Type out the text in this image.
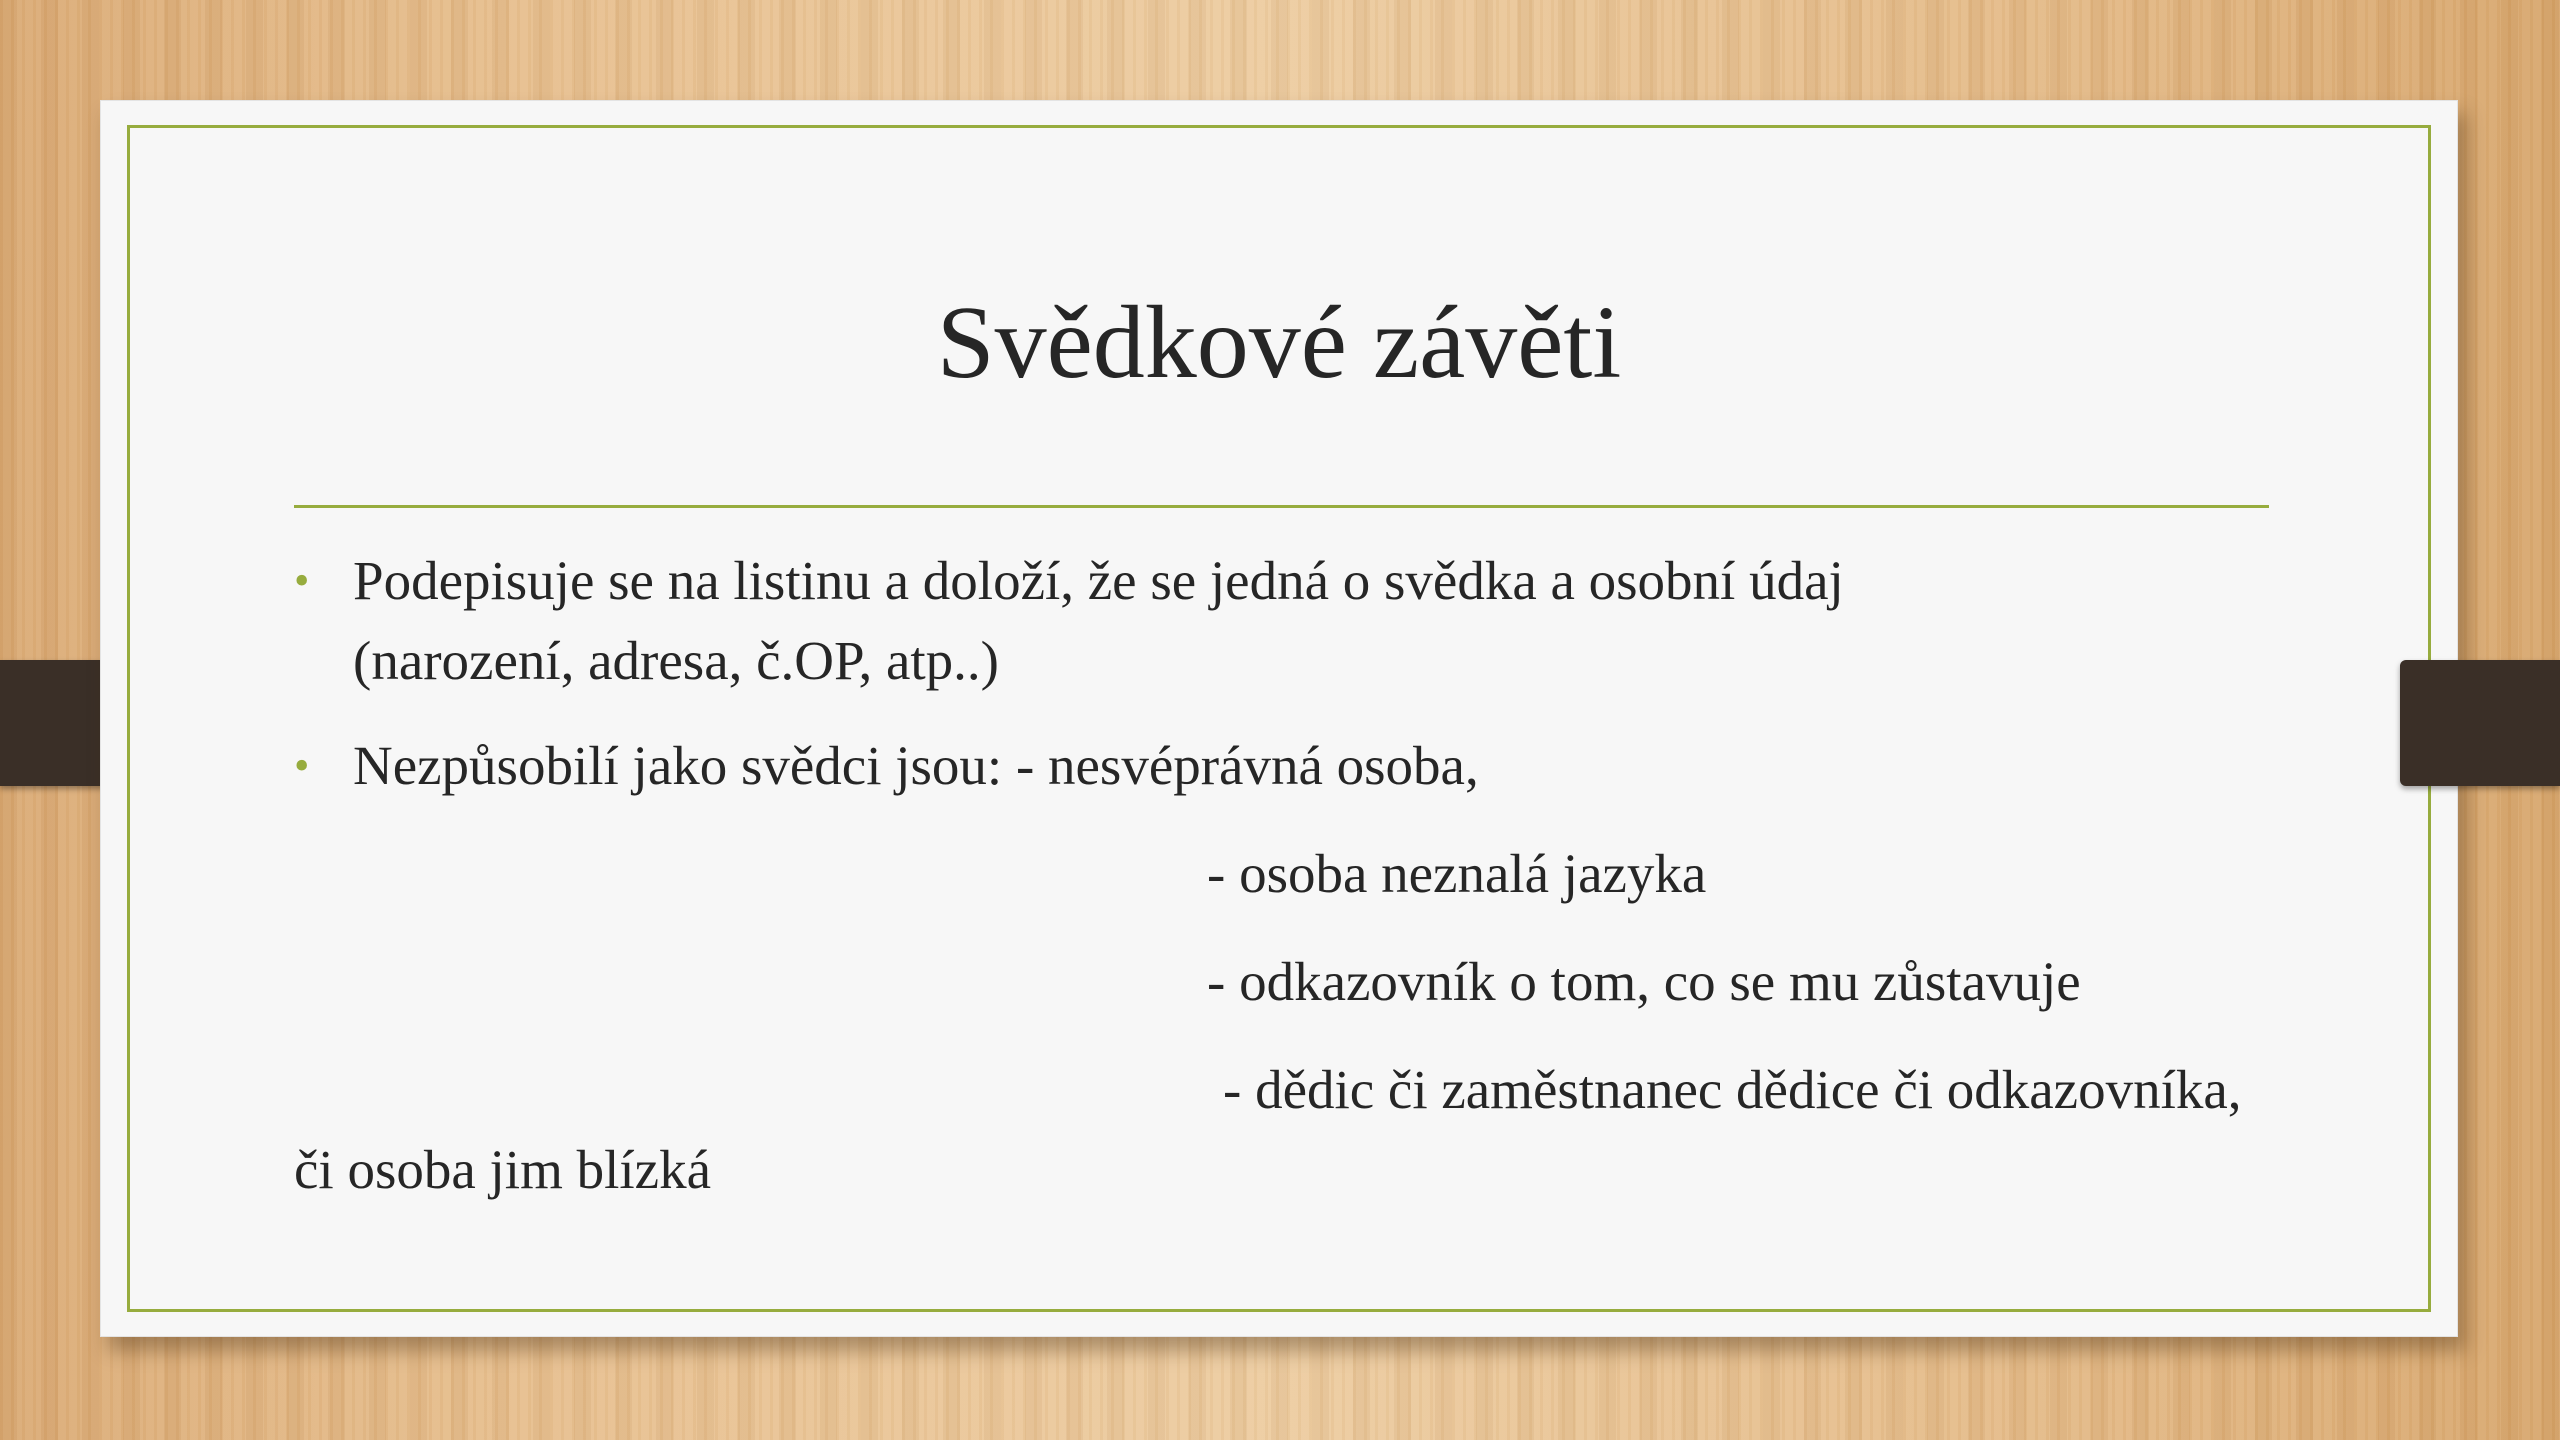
Svědkové závěti
• Podepisuje se na listinu a doloží, že se jedná o svědka a osobní údaj
(narození, adresa, č.OP, atp..)
• Nezpůsobilí jako svědci jsou: - nesvéprávná osoba,
- osoba neznalá jazyka
- odkazovník o tom, co se mu zůstavuje
- dědic či zaměstnanec dědice či odkazovníka,
či osoba jim blízká
